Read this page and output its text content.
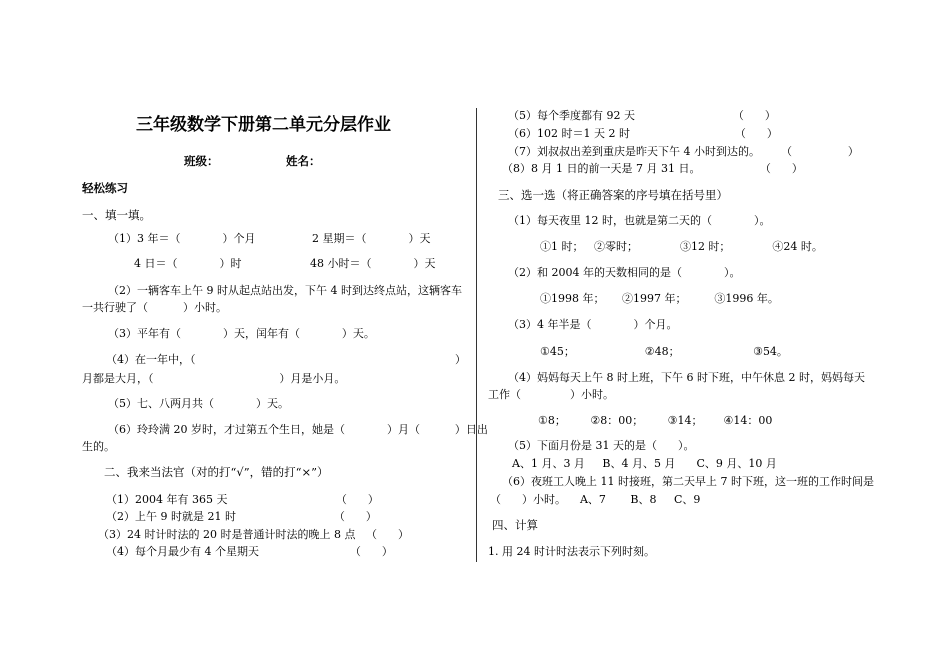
三年级数学下册第二单元分层作业
班级：	姓名：
轻松练习
一、填一填。
（1）3 年＝（            ）个月	2 星期＝（            ）天
4 日＝（            ）时	48 小时＝（            ）天
（2）一辆客车上午 9 时从起点站出发，下午 4 时到达终点站，这辆客车
一共行驶了（          ）小时。
（3）平年有（            ）天，闰年有（            ）天。
（4）在一年中，（	）
月都是大月，（                                    ）月是小月。
（5）七、八两月共（            ）天。
（6）玲玲满 20 岁时，才过第五个生日，她是（            ）月（          ）日出
生的。
二、我来当法官（对的打“√”，错的打“×”）
（1）2004 年有 365 天                               （      ）
（2）上午 9 时就是 21 时                            （      ）
（3）24 时计时法的 20 时是普通计时法的晚上 8 点   （      ）
（4）每个月最少有 4 个星期天                          （      ）
（5）每个季度都有 92 天                            （      ）
（6）102 时＝1 天 2 时                              （      ）
（7）刘叔叔出差到重庆是昨天下午 4 小时到达的。      （                ）
（8）8 月 1 日的前一天是 7 月 31 日。                 （      ）
三、选一选（将正确答案的序号填在括号里）
（1）每天夜里 12 时，也就是第二天的（            ）。
①1 时；   ②零时；            ③12 时；            ④24 时。
（2）和 2004 年的天数相同的是（            ）。
①1998 年；     ②1997 年；        ③1996 年。
（3）4 年半是（            ）个月。
①45；                    ②48；                     ③54。
（4）妈妈每天上午 8 时上班，下午 6 时下班，中午休息 2 时，妈妈每天
工作（              ）小时。
①8；       ②8：00；       ③14；      ④14：00
（5）下面月份是 31 天的是（      ）。
A、1 月、3 月     B、4 月、5 月      C、9 月、10 月
（6）夜班工人晚上 11 时接班，第二天早上 7 时下班，这一班的工作时间是
（      ）小时。    A、7       B、8     C、9
四、计算
1. 用 24 时计时法表示下列时刻。
